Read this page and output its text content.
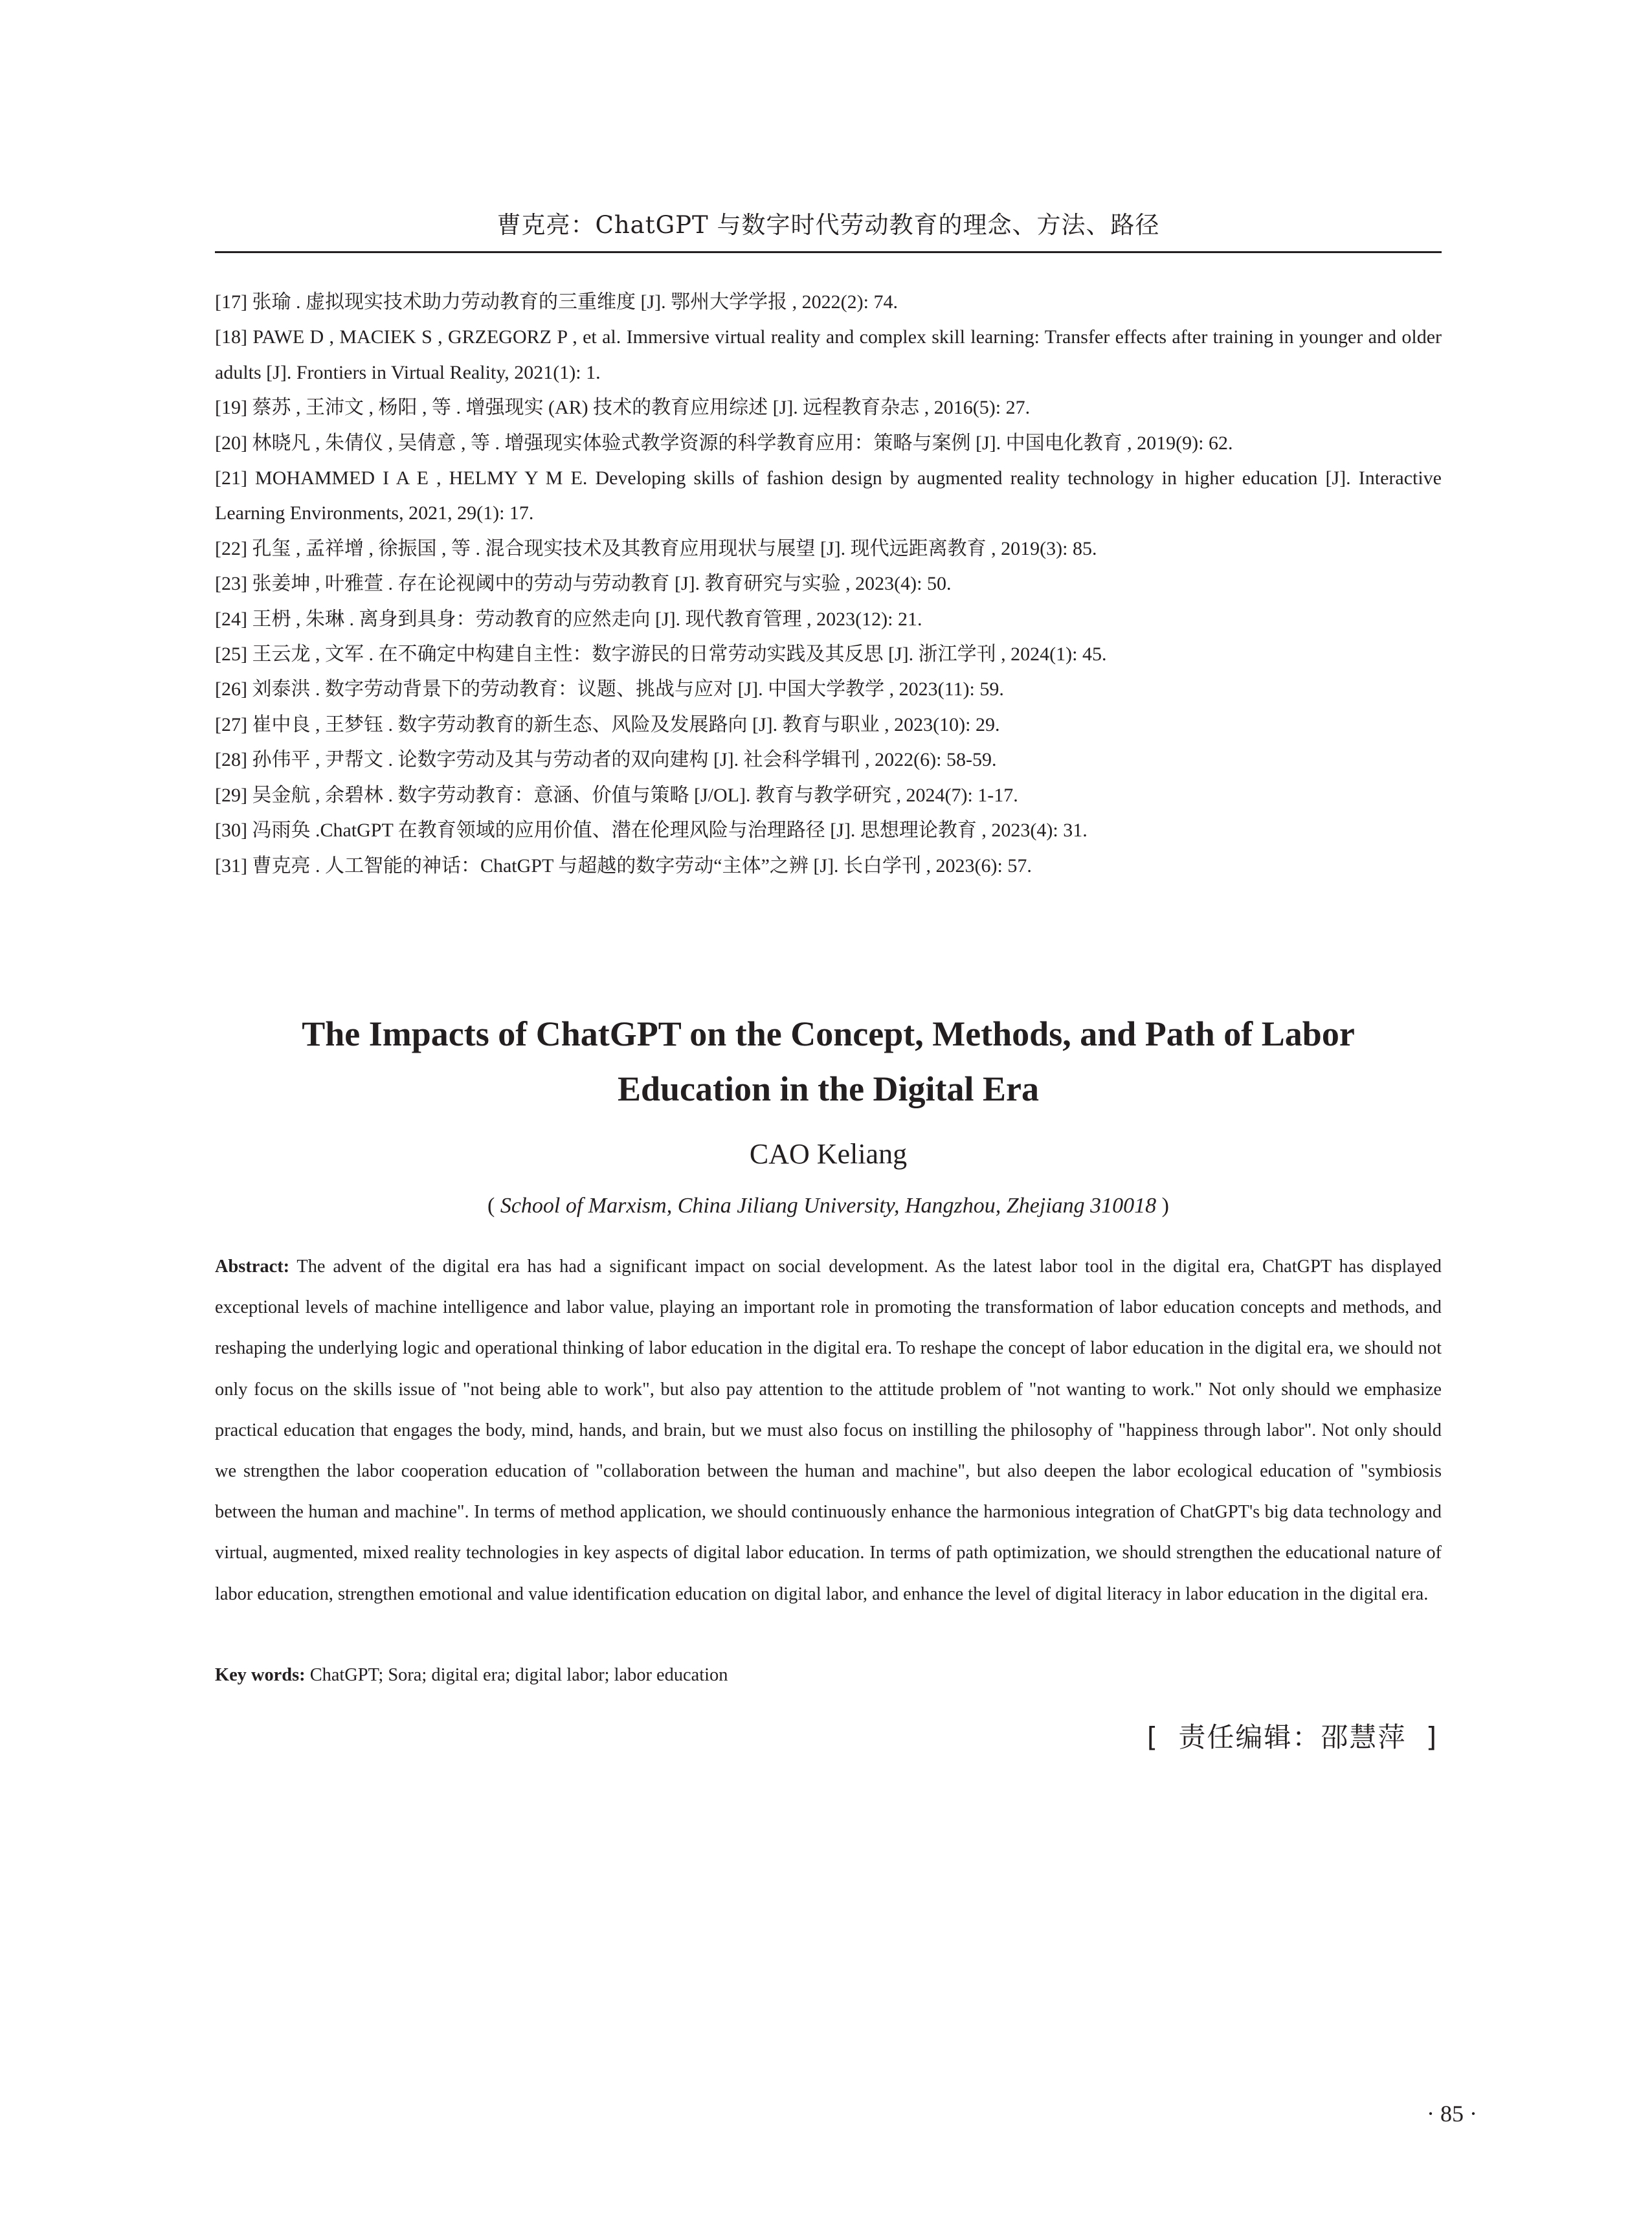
曹克亮：ChatGPT 与数字时代劳动教育的理念、方法、路径

[17] 张瑜 . 虚拟现实技术助力劳动教育的三重维度 [J]. 鄂州大学学报 , 2022(2): 74.

[18] PAWE D , MACIEK S , GRZEGORZ P , et al. Immersive virtual reality and complex skill learning: Transfer effects after training in younger and older adults [J]. Frontiers in Virtual Reality, 2021(1): 1.

[19] 蔡苏 , 王沛文 , 杨阳 , 等 . 增强现实 (AR) 技术的教育应用综述 [J]. 远程教育杂志 , 2016(5): 27.

[20] 林晓凡 , 朱倩仪 , 吴倩意 , 等 . 增强现实体验式教学资源的科学教育应用：策略与案例 [J]. 中国电化教育 , 2019(9): 62.

[21] MOHAMMED I A E , HELMY Y M E. Developing skills of fashion design by augmented reality technology in higher education [J]. Interactive Learning Environments, 2021, 29(1): 17.

[22] 孔玺 , 孟祥增 , 徐振国 , 等 . 混合现实技术及其教育应用现状与展望 [J]. 现代远距离教育 , 2019(3): 85.

[23] 张姜坤 , 叶雅萱 . 存在论视阈中的劳动与劳动教育 [J]. 教育研究与实验 , 2023(4): 50.

[24] 王枬 , 朱琳 . 离身到具身：劳动教育的应然走向 [J]. 现代教育管理 , 2023(12): 21.

[25] 王云龙 , 文军 . 在不确定中构建自主性：数字游民的日常劳动实践及其反思 [J]. 浙江学刊 , 2024(1): 45.

[26] 刘泰洪 . 数字劳动背景下的劳动教育：议题、挑战与应对 [J]. 中国大学教学 , 2023(11): 59.

[27] 崔中良 , 王梦钰 . 数字劳动教育的新生态、风险及发展路向 [J]. 教育与职业 , 2023(10): 29.

[28] 孙伟平 , 尹帮文 . 论数字劳动及其与劳动者的双向建构 [J]. 社会科学辑刊 , 2022(6): 58-59.

[29] 吴金航 , 余碧林 . 数字劳动教育：意涵、价值与策略 [J/OL]. 教育与教学研究 , 2024(7): 1-17.

[30] 冯雨奂 .ChatGPT 在教育领域的应用价值、潜在伦理风险与治理路径 [J]. 思想理论教育 , 2023(4): 31.

[31] 曹克亮 . 人工智能的神话：ChatGPT 与超越的数字劳动“主体”之辨 [J]. 长白学刊 , 2023(6): 57.

The Impacts of ChatGPT on the Concept, Methods, and Path of Labor
Education in the Digital Era
CAO Keliang
( School of Marxism, China Jiliang University, Hangzhou, Zhejiang 310018 )

Abstract: The advent of the digital era has had a significant impact on social development. As the latest labor tool in the digital era, ChatGPT has displayed exceptional levels of machine intelligence and labor value, playing an important role in promoting the transformation of labor education concepts and methods, and reshaping the underlying logic and operational thinking of labor education in the digital era. To reshape the concept of labor education in the digital era, we should not only focus on the skills issue of "not being able to work", but also pay attention to the attitude problem of "not wanting to work." Not only should we emphasize practical education that engages the body, mind, hands, and brain, but we must also focus on instilling the philosophy of "happiness through labor". Not only should we strengthen the labor cooperation education of "collaboration between the human and machine", but also deepen the labor ecological education of "symbiosis between the human and machine". In terms of method application, we should continuously enhance the harmonious integration of ChatGPT's big data technology and virtual, augmented, mixed reality technologies in key aspects of digital labor education. In terms of path optimization, we should strengthen the educational nature of labor education, strengthen emotional and value identification education on digital labor, and enhance the level of digital literacy in labor education in the digital era.

Key words: ChatGPT; Sora; digital era; digital labor; labor education

[ 责任编辑：邵慧萍 ]
· 85 ·
